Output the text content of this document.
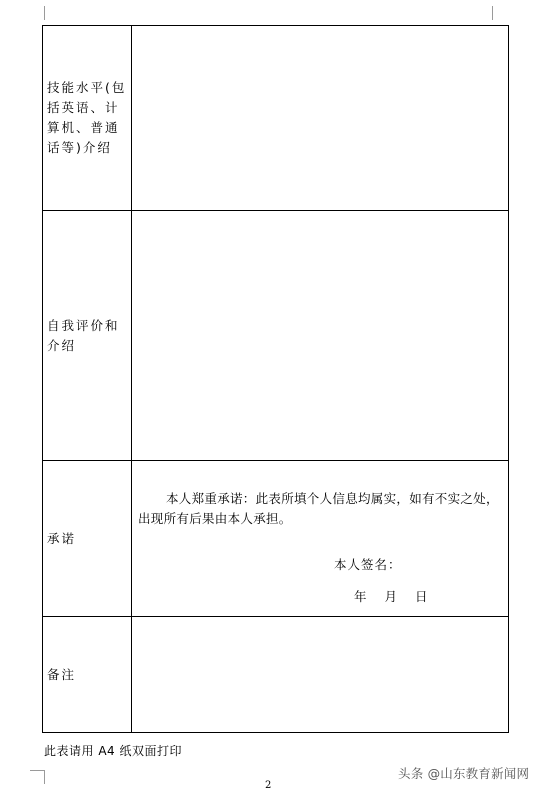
技能水平(包括英语、计算机、普通话等)介绍	
自我评价和介绍	
承诺	本人郑重承诺：此表所填个人信息均属实，如有不实之处，出现所有后果由本人承担。
本人签名：
年 月 日

备注	
此表请用 A4 纸双面打印
2
头条 @山东教育新闻网
